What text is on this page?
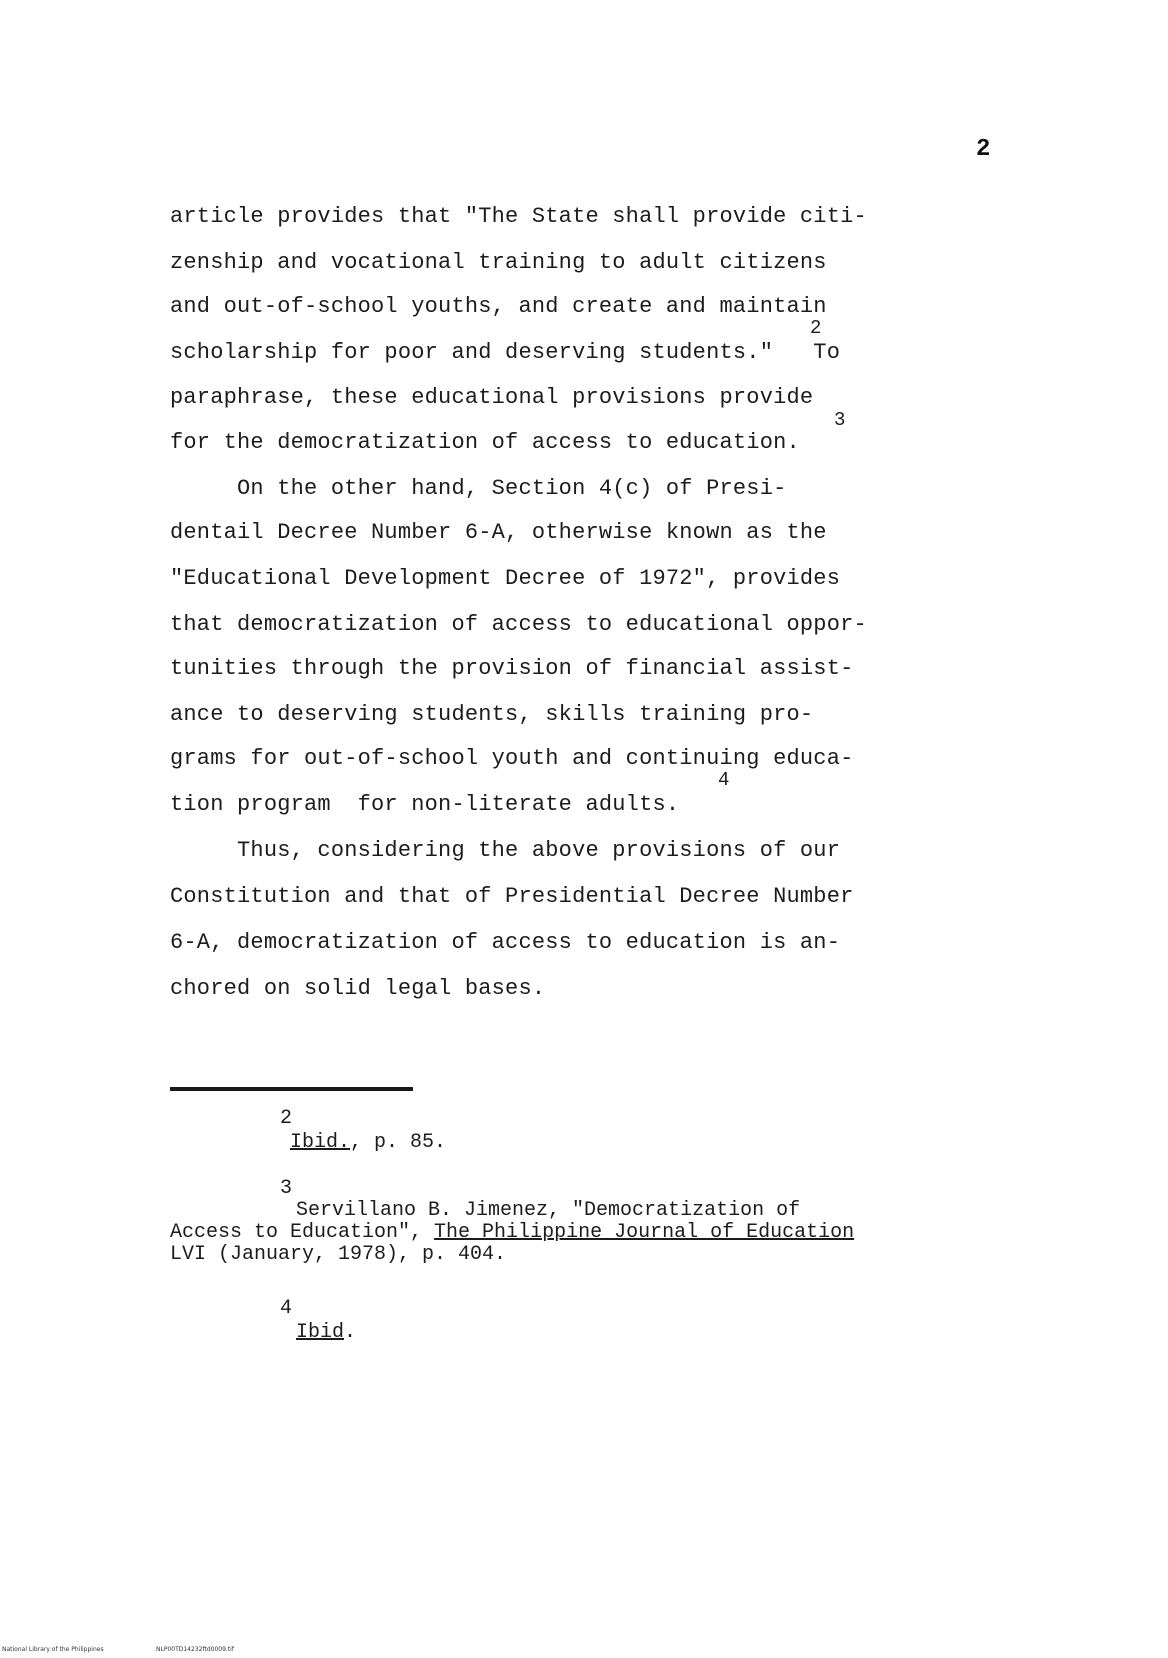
2
article provides that "The State shall provide citi-
zenship and vocational training to adult citizens
and out-of-school youths, and create and maintain
2
scholarship for poor and deserving students."   To
paraphrase, these educational provisions provide
3
for the democratization of access to education.
On the other hand, Section 4(c) of Presi-
dentail Decree Number 6-A, otherwise known as the
"Educational Development Decree of 1972", provides
that democratization of access to educational oppor-
tunities through the provision of financial assist-
ance to deserving students, skills training pro-
grams for out-of-school youth and continuing educa-
4
tion program  for non-literate adults.
Thus, considering the above provisions of our
Constitution and that of Presidential Decree Number
6-A, democratization of access to education is an-
chored on solid legal bases.
2
Ibid., p. 85.
3
Servillano B. Jimenez, "Democratization of
Access to Education", The Philippine Journal of Education
LVI (January, 1978), p. 404.
4
Ibid.
National Library of the Philippines	NLP00TD14232ftd0009.tif
